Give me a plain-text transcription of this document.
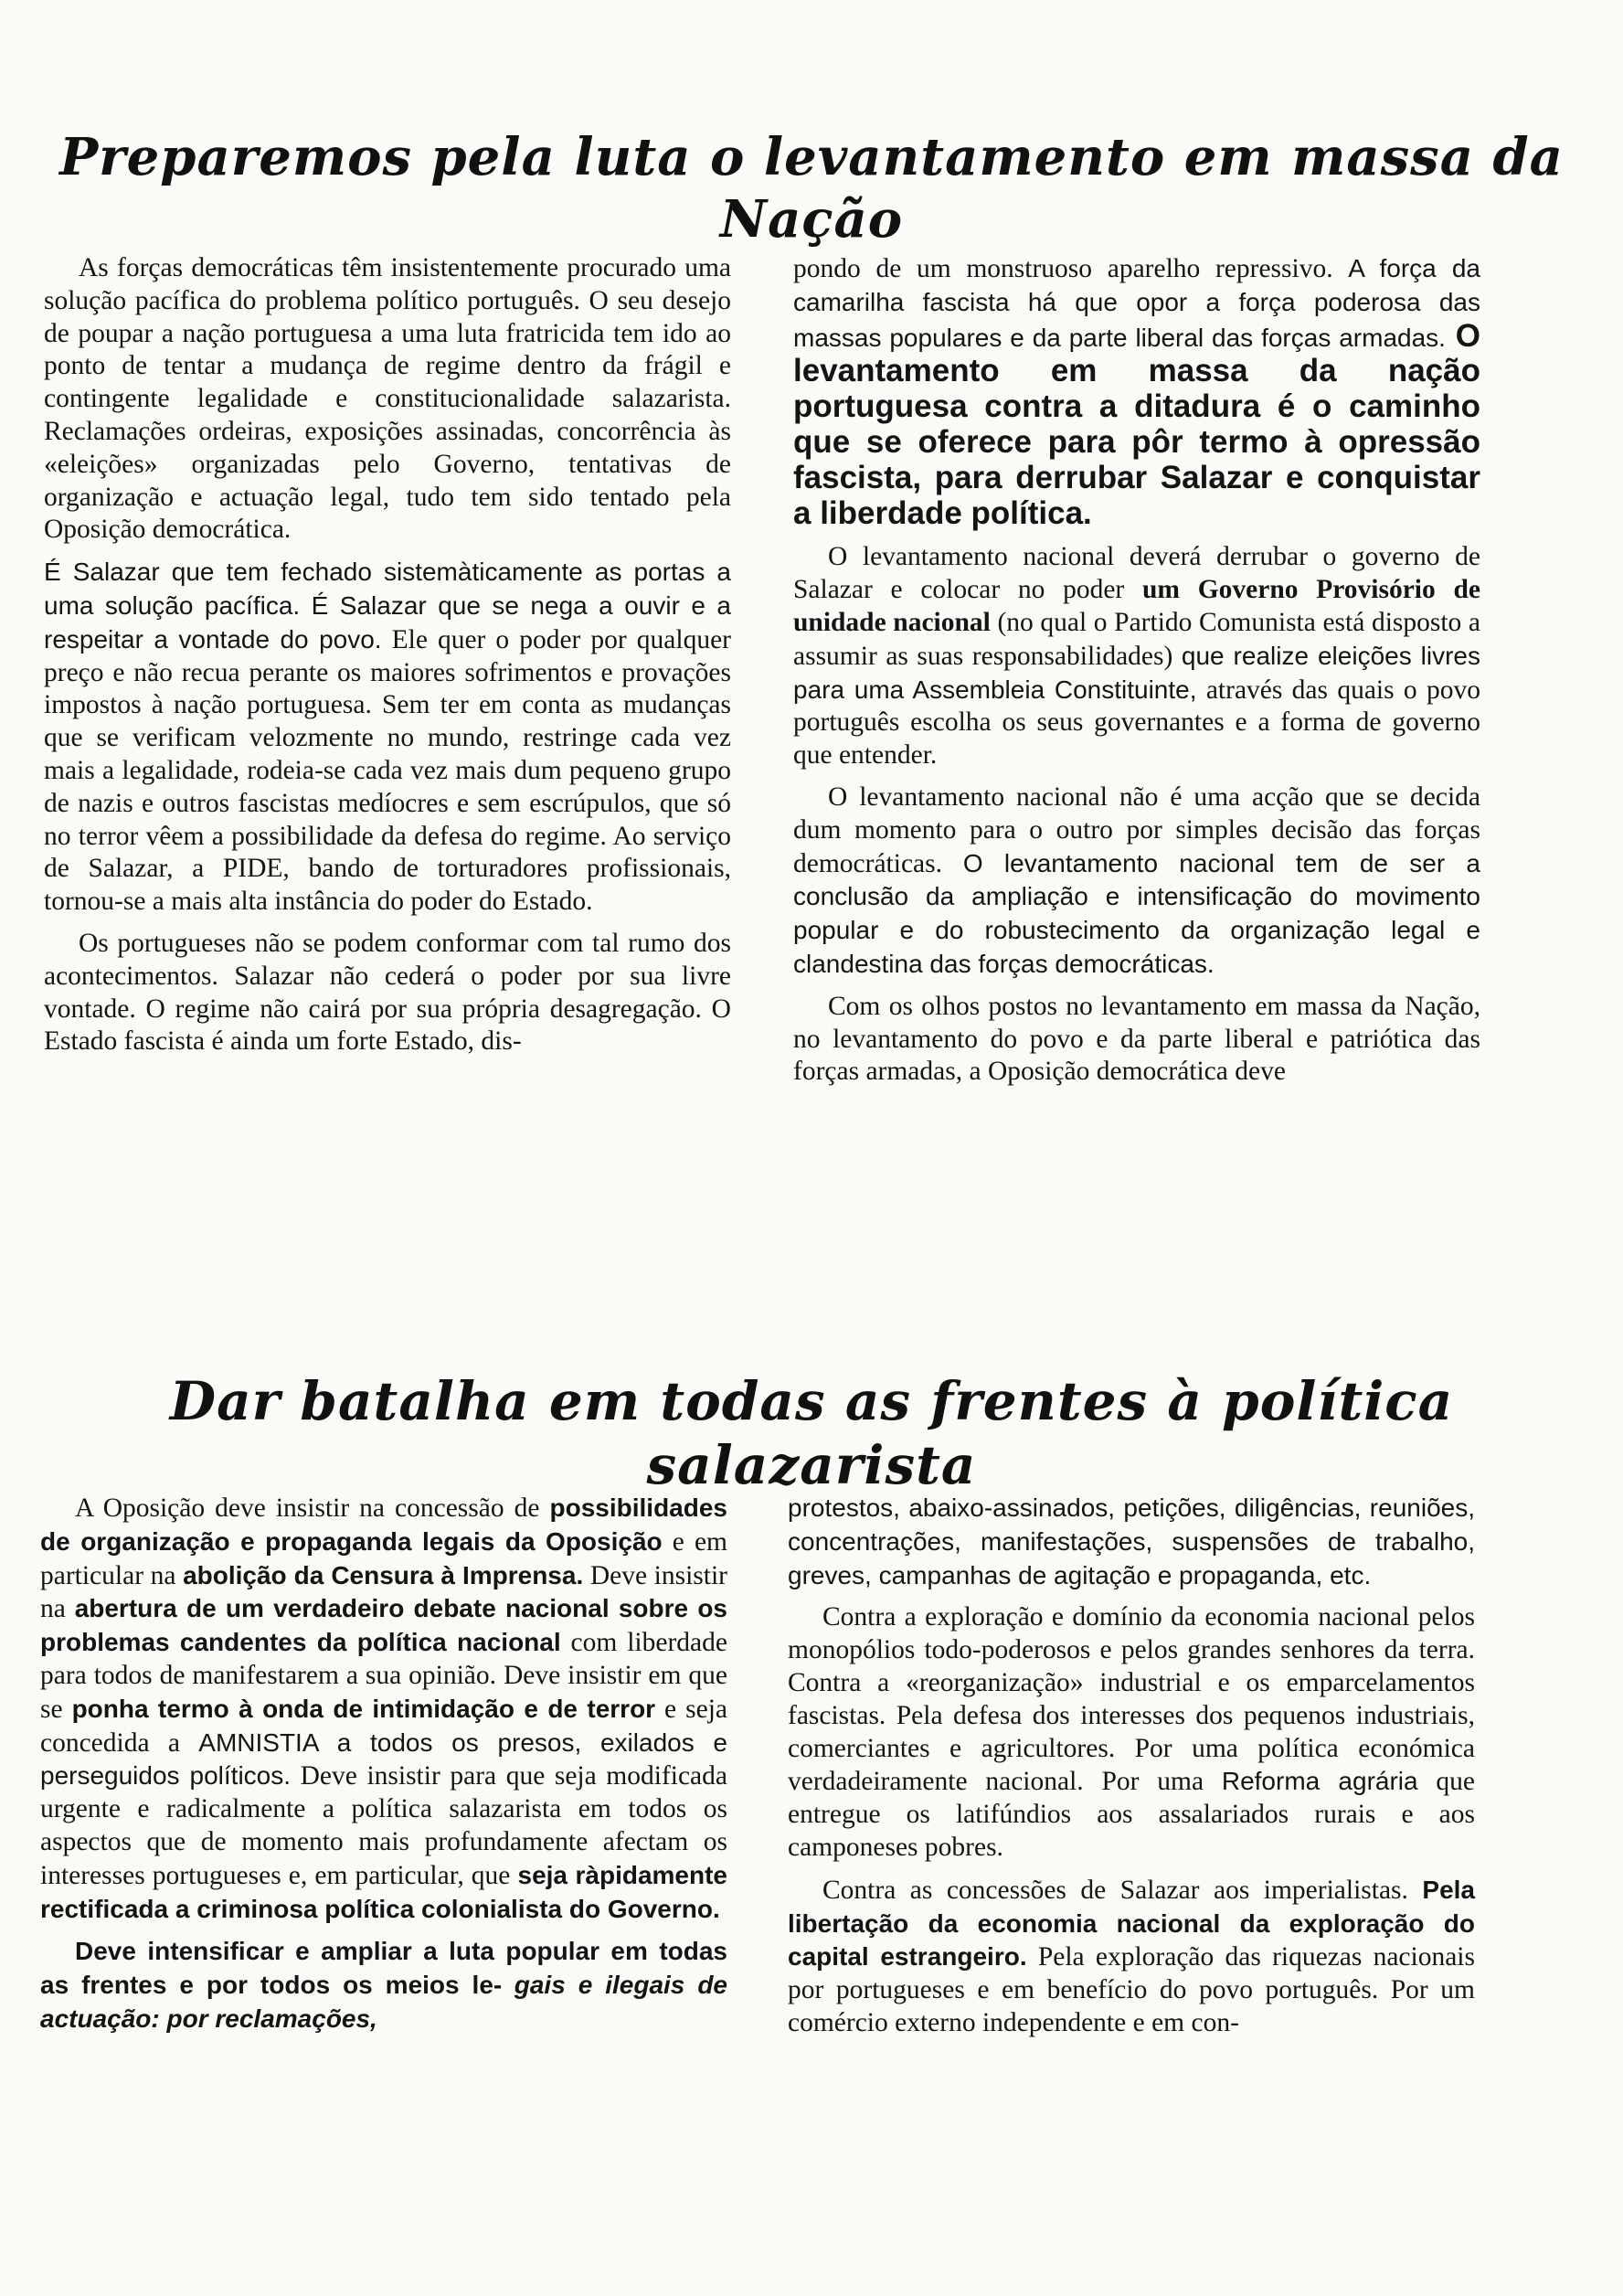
Preparemos pela luta o levantamento em massa da Nação

As forças democráticas têm insistentemente procurado uma solução pacífica do problema político português. O seu desejo de poupar a nação portuguesa a uma luta fratricida tem ido ao ponto de tentar a mudança de regime dentro da frágil e contingente legalidade e constitucionalidade salazarista. Reclamações ordeiras, exposições assinadas, concorrência às «eleições» organizadas pelo Governo, tentativas de organização e actuação legal, tudo tem sido tentado pela Oposição democrática.

É Salazar que tem fechado sistemàticamente as portas a uma solução pacífica. É Salazar que se nega a ouvir e a respeitar a vontade do povo. Ele quer o poder por qualquer preço e não recua perante os maiores sofrimentos e provações impostos à nação portuguesa. Sem ter em conta as mudanças que se verificam velozmente no mundo, restringe cada vez mais a legalidade, rodeia-se cada vez mais dum pequeno grupo de nazis e outros fascistas medíocres e sem escrúpulos, que só no terror vêem a possibilidade da defesa do regime. Ao serviço de Salazar, a PIDE, bando de torturadores profissionais, tornou-se a mais alta instância do poder do Estado.

Os portugueses não se podem conformar com tal rumo dos acontecimentos. Salazar não cederá o poder por sua livre vontade. O regime não cairá por sua própria desagregação. O Estado fascista é ainda um forte Estado, dis-

pondo de um monstruoso aparelho repressivo. A força da camarilha fascista há que opor a força poderosa das massas populares e da parte liberal das forças armadas. O levantamento em massa da nação portuguesa contra a ditadura é o caminho que se oferece para pôr termo à opressão fascista, para derrubar Salazar e conquistar a liberdade política.

O levantamento nacional deverá derrubar o governo de Salazar e colocar no poder um Governo Provisório de unidade nacional (no qual o Partido Comunista está disposto a assumir as suas responsabilidades) que realize eleições livres para uma Assembleia Constituinte, através das quais o povo português escolha os seus governantes e a forma de governo que entender.

O levantamento nacional não é uma acção que se decida dum momento para o outro por simples decisão das forças democráticas. O levantamento nacional tem de ser a conclusão da ampliação e intensificação do movimento popular e do robustecimento da organização legal e clandestina das forças democráticas.

Com os olhos postos no levantamento em massa da Nação, no levantamento do povo e da parte liberal e patriótica das forças armadas, a Oposição democrática deve

Dar batalha em todas as frentes à política salazarista

A Oposição deve insistir na concessão de possibilidades de organização e propaganda legais da Oposição e em particular na abolição da Censura à Imprensa. Deve insistir na abertura de um verdadeiro debate nacional sobre os problemas candentes da política nacional com liberdade para todos de manifestarem a sua opinião. Deve insistir em que se ponha termo à onda de intimidação e de terror e seja concedida a AMNISTIA a todos os presos, exilados e perseguidos políticos. Deve insistir para que seja modificada urgente e radicalmente a política salazarista em todos os aspectos que de momento mais profundamente afectam os interesses portugueses e, em particular, que seja ràpidamente rectificada a criminosa política colonialista do Governo.

Deve intensificar e ampliar a luta popular em todas as frentes e por todos os meios le- gais e ilegais de actuação: por reclamações,

protestos, abaixo-assinados, petições, diligências, reuniões, concentrações, manifestações, suspensões de trabalho, greves, campanhas de agitação e propaganda, etc.

Contra a exploração e domínio da economia nacional pelos monopólios todo-poderosos e pelos grandes senhores da terra. Contra a «reorganização» industrial e os emparcelamentos fascistas. Pela defesa dos interesses dos pequenos industriais, comerciantes e agricultores. Por uma política económica verdadeiramente nacional. Por uma Reforma agrária que entregue os latifúndios aos assalariados rurais e aos camponeses pobres.

Contra as concessões de Salazar aos imperialistas. Pela libertação da economia nacional da exploração do capital estrangeiro. Pela exploração das riquezas nacionais por portugueses e em benefício do povo português. Por um comércio externo independente e em con-
